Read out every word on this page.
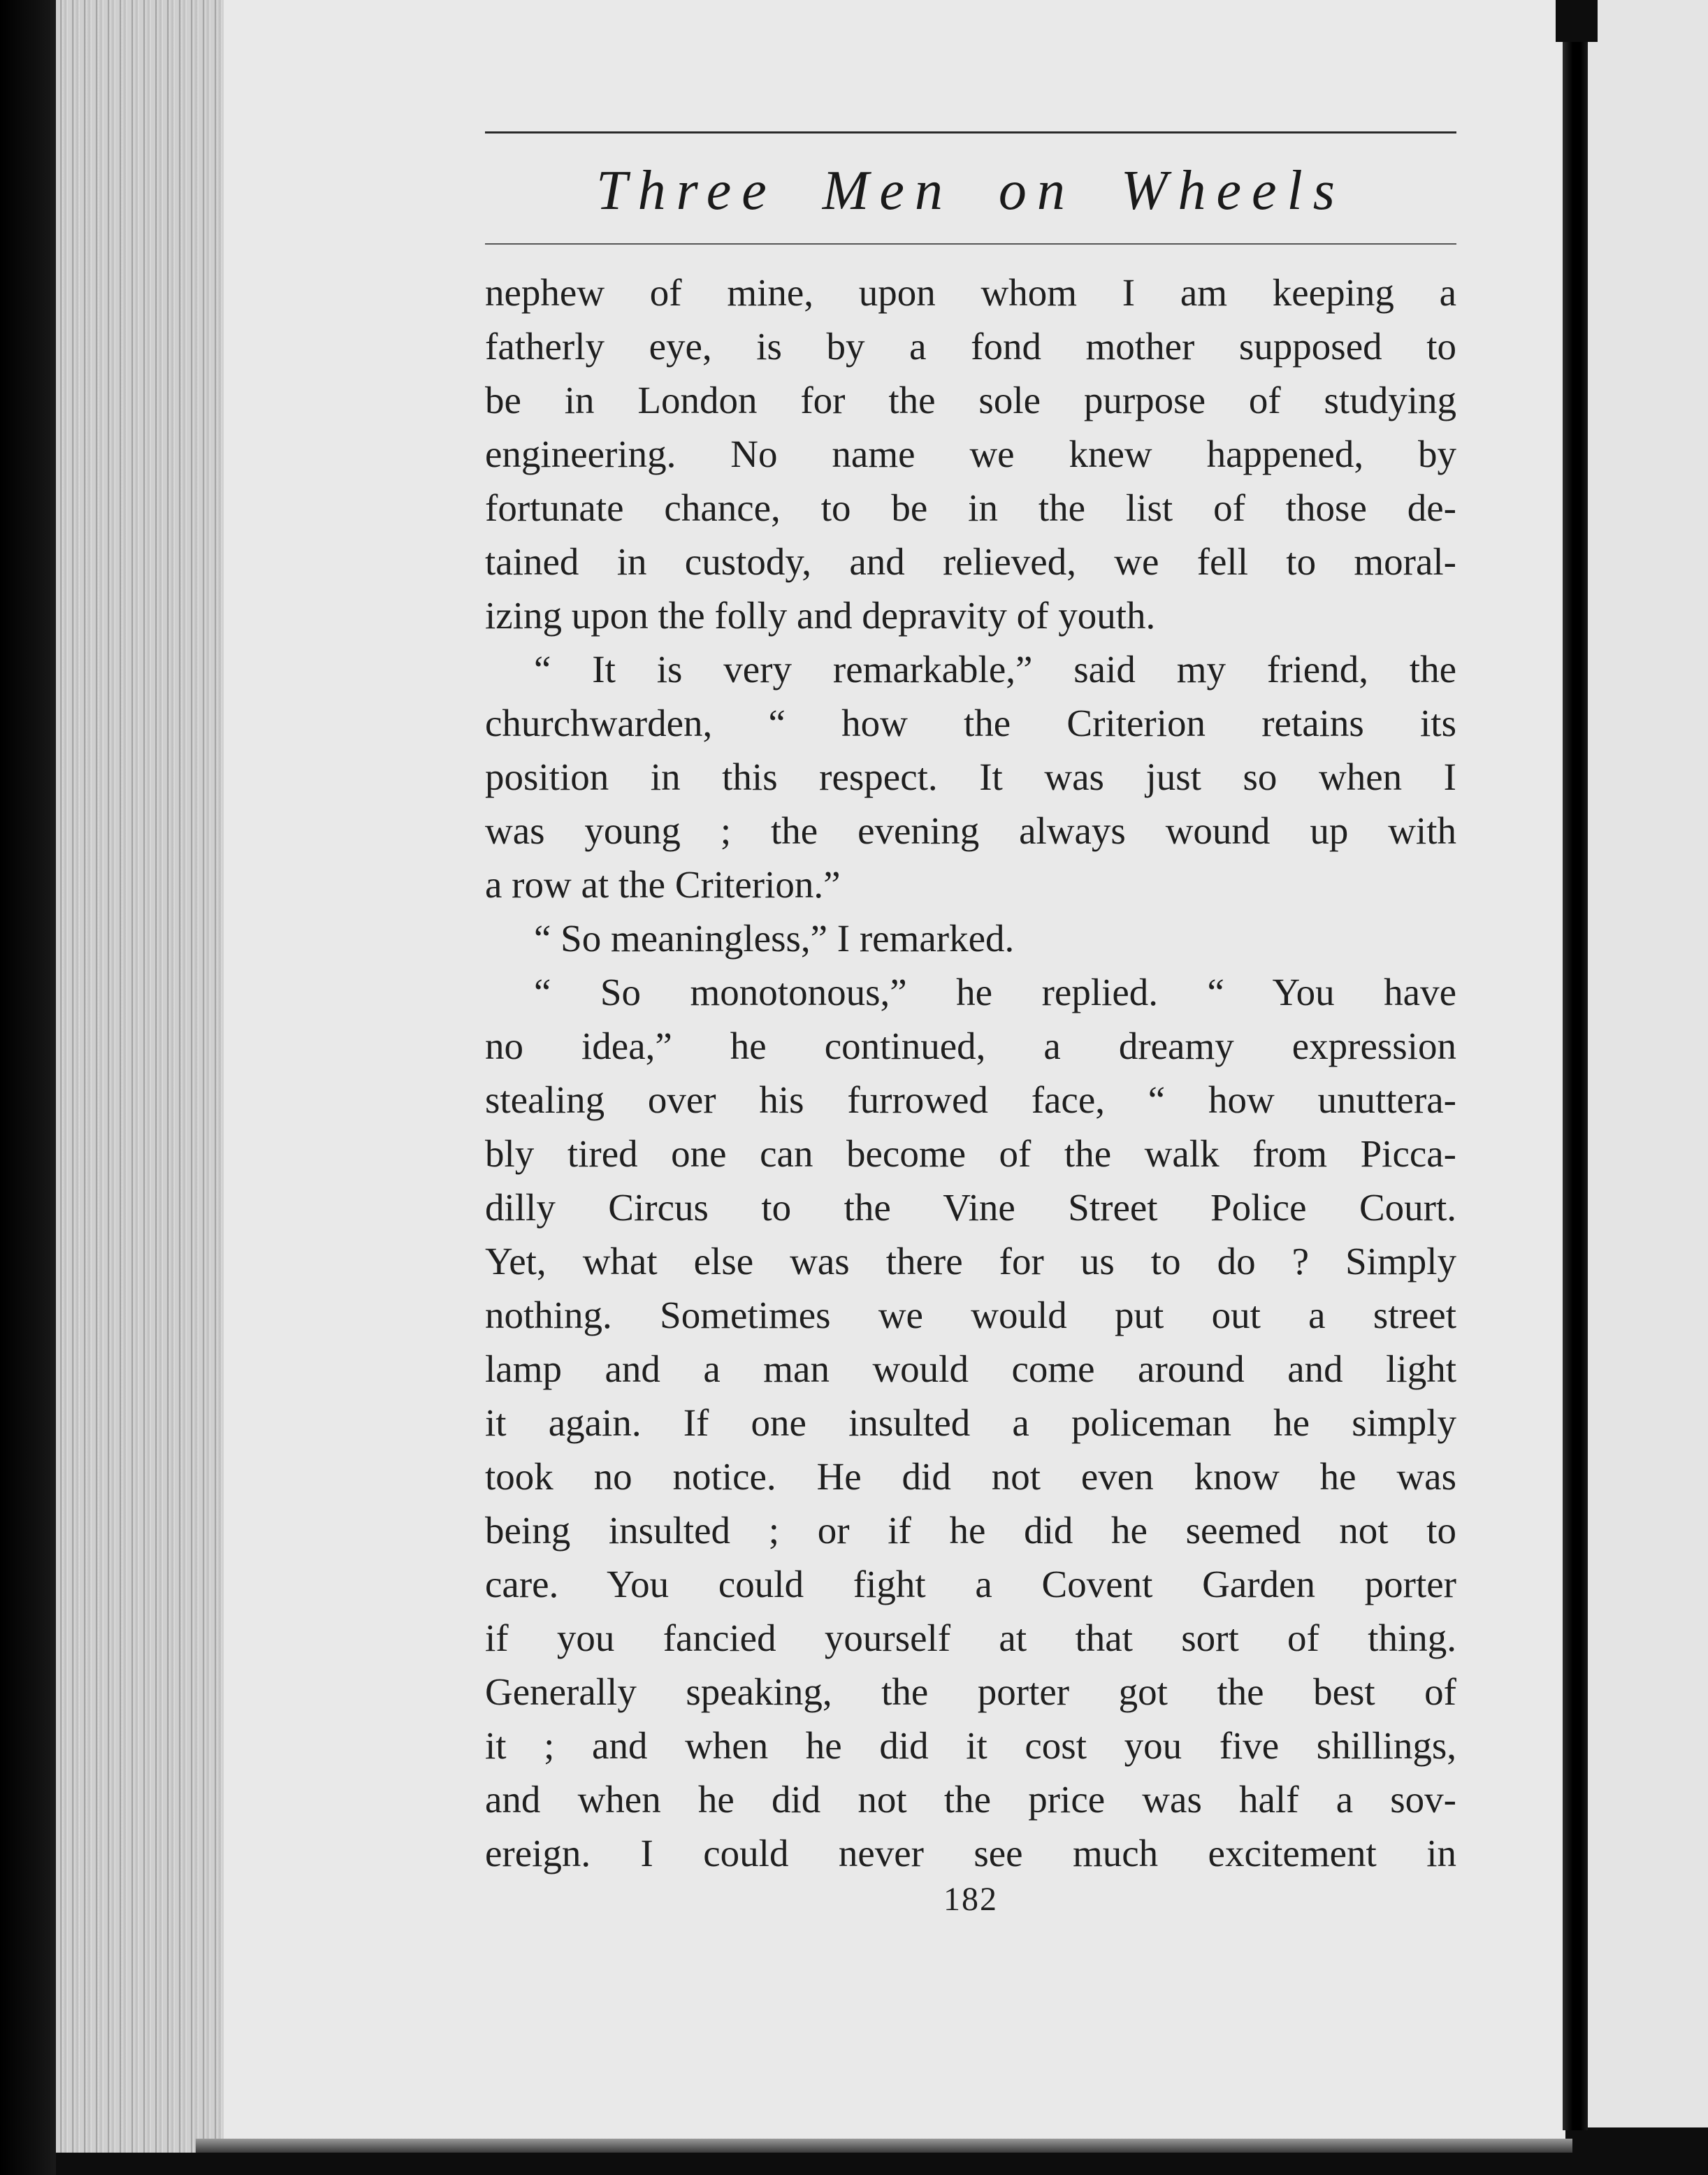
Three Men on Wheels
nephew of mine, upon whom I am keeping a
fatherly eye, is by a fond mother supposed to
be in London for the sole purpose of studying
engineering. No name we knew happened, by
fortunate chance, to be in the list of those de-
tained in custody, and relieved, we fell to moral-
izing upon the folly and depravity of youth.
“ It is very remarkable,” said my friend, the
churchwarden, “ how the Criterion retains its
position in this respect. It was just so when I
was young ; the evening always wound up with
a row at the Criterion.”
“ So meaningless,” I remarked.
“ So monotonous,” he replied. “ You have
no idea,” he continued, a dreamy expression
stealing over his furrowed face, “ how unuttera-
bly tired one can become of the walk from Picca-
dilly Circus to the Vine Street Police Court.
Yet, what else was there for us to do ? Simply
nothing. Sometimes we would put out a street
lamp and a man would come around and light
it again. If one insulted a policeman he simply
took no notice. He did not even know he was
being insulted ; or if he did he seemed not to
care. You could fight a Covent Garden porter
if you fancied yourself at that sort of thing.
Generally speaking, the porter got the best of
it ; and when he did it cost you five shillings,
and when he did not the price was half a sov-
ereign. I could never see much excitement in
182
